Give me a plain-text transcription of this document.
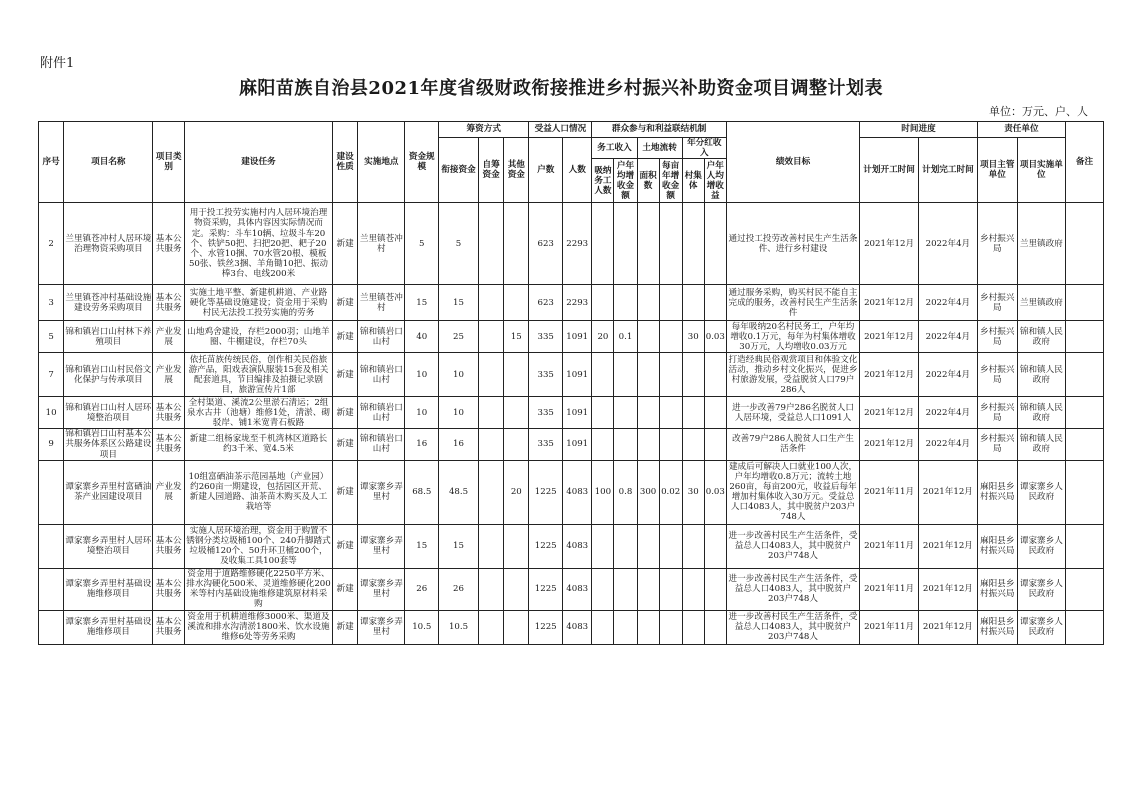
附件1
麻阳苗族自治县2021年度省级财政衔接推进乡村振兴补助资金项目调整计划表
单位：万元、户、人
序号	项目名称	项目类别	建设任务	建设性质	实施地点	资金规模	筹资方式			受益人口情况		群众参与和利益联结机制						绩效目标	时间进度		责任单位		备注
							衔接资金	自筹资金	其他资金	户数	人数	务工收入		土地流转		年分红收入			计划开工时间	计划完工时间	项目主管单位	项目实施单位	
												吸纳务工人数	户年均增收金额	面积数	每亩年增收金额	村集体	户年人均增收益						
2	兰里镇苍冲村人居环境治理物资采购项目	基本公共服务	用于投工投劳实施村内人居环境治理物资采购，具体内容因实际情况而定。采购：斗车10辆、垃圾斗车20个、铁铲50把、扫把20把、耙子20个、水管10捆、70水管20根、模板50张、铁丝3捆、羊角锄10把、振动棒3台、电线200米	新建	兰里镇苍冲村	5	5			623	2293							通过投工投劳改善村民生产生活条件、进行乡村建设	2021年12月	2022年4月	乡村振兴局	兰里镇政府	
3	兰里镇苍冲村基础设施建设劳务采购项目	基本公共服务	实施土地平整、新建机耕道、产业路硬化等基础设施建设；资金用于采购村民无法投工投劳实施的劳务	新建	兰里镇苍冲村	15	15			623	2293							通过服务采购，购买村民不能自主完成的服务，改善村民生产生活条件	2021年12月	2022年4月	乡村振兴局	兰里镇政府	
5	锦和镇岩口山村林下养殖项目	产业发展	山地鸡舍建设，存栏2000羽；山地羊圈、牛棚建设，存栏70头	新建	锦和镇岩口山村	40	25		15	335	1091	20	0.1			30	0.03	每年吸纳20名村民务工，户年均增收0.1万元，每年为村集体增收30万元，人均增收0.03万元	2021年12月	2022年4月	乡村振兴局	锦和镇人民政府	
7	锦和镇岩口山村民俗文化保护与传承项目	产业发展	依托苗族传统民俗，创作相关民俗旅游产品，阳戏表演队服装15套及相关配套道具，节目编排及拍摄记录剧目，旅游宣传片1部	新建	锦和镇岩口山村	10	10			335	1091							打造经典民俗观赏项目和体验文化活动，推动乡村文化振兴，促进乡村旅游发展，受益脱贫人口79户286人	2021年12月	2022年4月	乡村振兴局	锦和镇人民政府	
10	锦和镇岩口山村人居环境整治项目	基本公共服务	全村渠道、溪流2公里淤石清运；2组泉水古井（池塘）维修1处，清淤、砌驳岸、铺1米宽青石板路	新建	锦和镇岩口山村	10	10			335	1091							进一步改善79户286名脱贫人口人居环境，受益总人口1091人	2021年12月	2022年4月	乡村振兴局	锦和镇人民政府	
9	锦和镇岩口山村基本公共服务体系区公路建设项目	基本公共服务	新建二组杨家垅至千机湾林区道路长约3千米、宽4.5米	新建	锦和镇岩口山村	16	16			335	1091							改善79户286人脱贫人口生产生活条件	2021年12月	2022年4月	乡村振兴局	锦和镇人民政府	
	谭家寨乡弄里村富硒油茶产业园建设项目	产业发展	10组富硒油茶示范园基地（产业园）约260亩一期建设，包括园区开荒、新建人园道路、油茶苗木购买及人工栽培等	新建	谭家寨乡弄里村	68.5	48.5		20	1225	4083	100	0.8	300	0.02	30	0.03	建成后可解决人口就业100人次，户年均增收0.8万元；流转土地260亩，每亩200元，收益后每年增加村集体收入30万元。受益总人口4083人，其中脱贫户203户748人	2021年11月	2021年12月	麻阳县乡村振兴局	谭家寨乡人民政府	
	谭家寨乡弄里村人居环境整治项目	基本公共服务	实施人居环境治理，资金用于购置不锈钢分类垃圾桶100个、240升脚踏式垃圾桶120个、50升环卫桶200个，及收集工具100套等	新建	谭家寨乡弄里村	15	15			1225	4083							进一步改善村民生产生活条件，受益总人口4083人，其中脱贫户203户748人	2021年11月	2021年12月	麻阳县乡村振兴局	谭家寨乡人民政府	
	谭家寨乡弄里村基础设施维修项目	基本公共服务	资金用于道路维修硬化2250平方米、排水沟硬化500米、灵道维修硬化200米等村内基础设施维修建筑原材料采购	新建	谭家寨乡弄里村	26	26			1225	4083							进一步改善村民生产生活条件，受益总人口4083人，其中脱贫户203户748人	2021年11月	2021年12月	麻阳县乡村振兴局	谭家寨乡人民政府	
	谭家寨乡弄里村基础设施维修项目	基本公共服务	资金用于机耕道维修3000米、渠道及溪流和排水沟清淤1800米、饮水设施维修6处等劳务采购	新建	谭家寨乡弄里村	10.5	10.5			1225	4083							进一步改善村民生产生活条件，受益总人口4083人，其中脱贫户203户748人	2021年11月	2021年12月	麻阳县乡村振兴局	谭家寨乡人民政府	
